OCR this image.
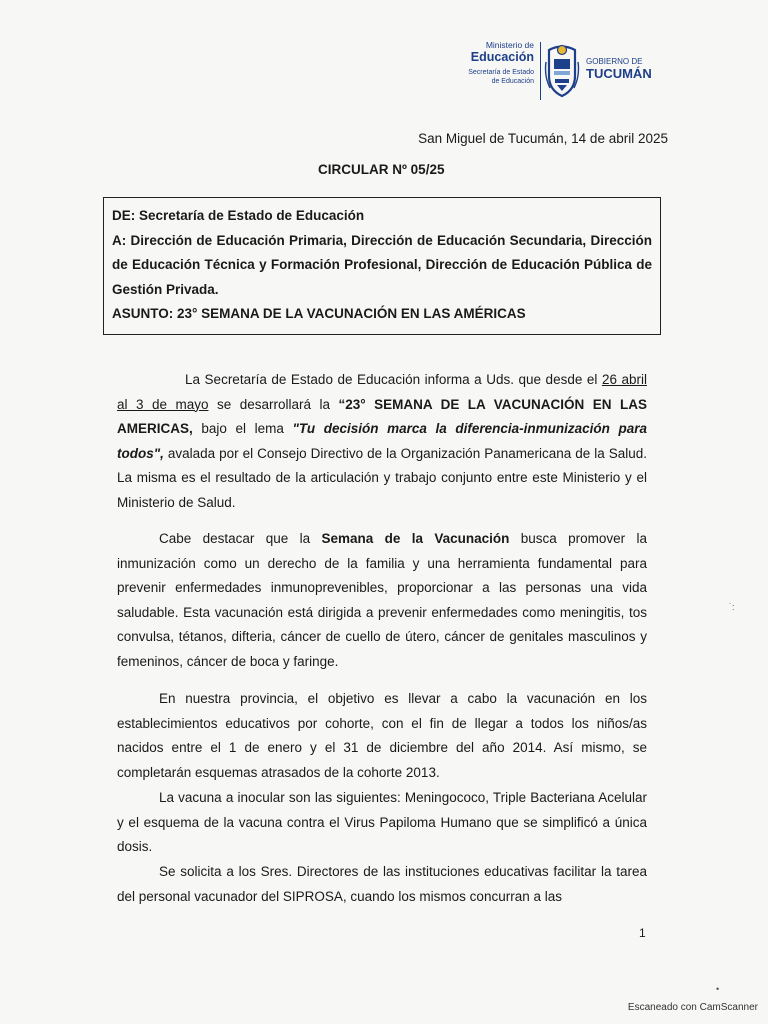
Ministerio de
Educación
Secretaría de Estado
de Educación
GOBIERNO DE
TUCUMÁN
San Miguel de Tucumán, 14 de abril 2025
CIRCULAR Nº 05/25

DE: Secretaría de Estado de Educación

A: Dirección de Educación Primaria, Dirección de Educación Secundaria, Dirección de Educación Técnica y Formación Profesional, Dirección de Educación Pública de Gestión Privada.

ASUNTO: 23° SEMANA DE LA VACUNACIÓN EN LAS AMÉRICAS

La Secretaría de Estado de Educación informa a Uds. que desde el 26 abril al 3 de mayo se desarrollará la “23° SEMANA DE LA VACUNACIÓN EN LAS AMERICAS, bajo el lema "Tu decisión marca la diferencia-inmunización para todos", avalada por el Consejo Directivo de la Organización Panamericana de la Salud. La misma es el resultado de la articulación y trabajo conjunto entre este Ministerio y el Ministerio de Salud.

Cabe destacar que la Semana de la Vacunación busca promover la inmunización como un derecho de la familia y una herramienta fundamental para prevenir enfermedades inmunoprevenibles, proporcionar a las personas una vida saludable. Esta vacunación está dirigida a prevenir enfermedades como meningitis, tos convulsa, tétanos, difteria, cáncer de cuello de útero, cáncer de genitales masculinos y femeninos, cáncer de boca y faringe.

En nuestra provincia, el objetivo es llevar a cabo la vacunación en los establecimientos educativos por cohorte, con el fin de llegar a todos los niños/as nacidos entre el 1 de enero y el 31 de diciembre del año 2014. Así mismo, se completarán esquemas atrasados de la cohorte 2013.

La vacuna a inocular son las siguientes: Meningococo, Triple Bacteriana Acelular y el esquema de la vacuna contra el Virus Papiloma Humano que se simplificó a única dosis.

Se solicita a los Sres. Directores de las instituciones educativas facilitar la tarea del personal vacunador del SIPROSA, cuando los mismos concurran a las

1
˙:
•
Escaneado con CamScanner
